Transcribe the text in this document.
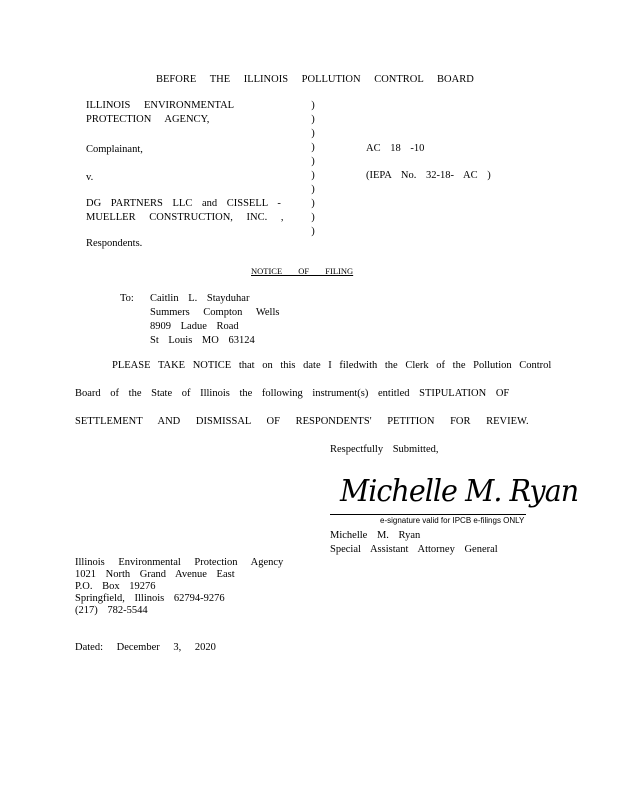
BEFORE THE ILLINOIS POLLUTION CONTROL BOARD
ILLINOIS ENVIRONMENTAL
PROTECTION AGENCY,
Complainant,
v.
DG PARTNERS LLC and CISSELL -
MUELLER CONSTRUCTION, INC. ,
Respondents.
)
)
)
)
)
)
)
)
)
)
AC 18 -10
(IEPA No. 32-18- AC )
NOTICE OF FILING
To: Caitlin L. Stayduhar
Summers Compton Wells
8909 Ladue Road
St Louis MO 63124
PLEASE TAKE NOTICE that on this date I filedwith the Clerk of the Pollution Control
Board of the State of Illinois the following instrument(s) entitled STIPULATION OF
SETTLEMENT AND DISMISSAL OF RESPONDENTS' PETITION FOR REVIEW.
Respectfully Submitted,
Michelle M. Ryan
e-signature valid for IPCB e-filings ONLY
Michelle M. Ryan
Special Assistant Attorney General
Illinois Environmental Protection Agency
1021 North Grand Avenue East
P.O. Box 19276
Springfield, Illinois 62794-9276
(217) 782-5544
Dated: December 3, 2020
